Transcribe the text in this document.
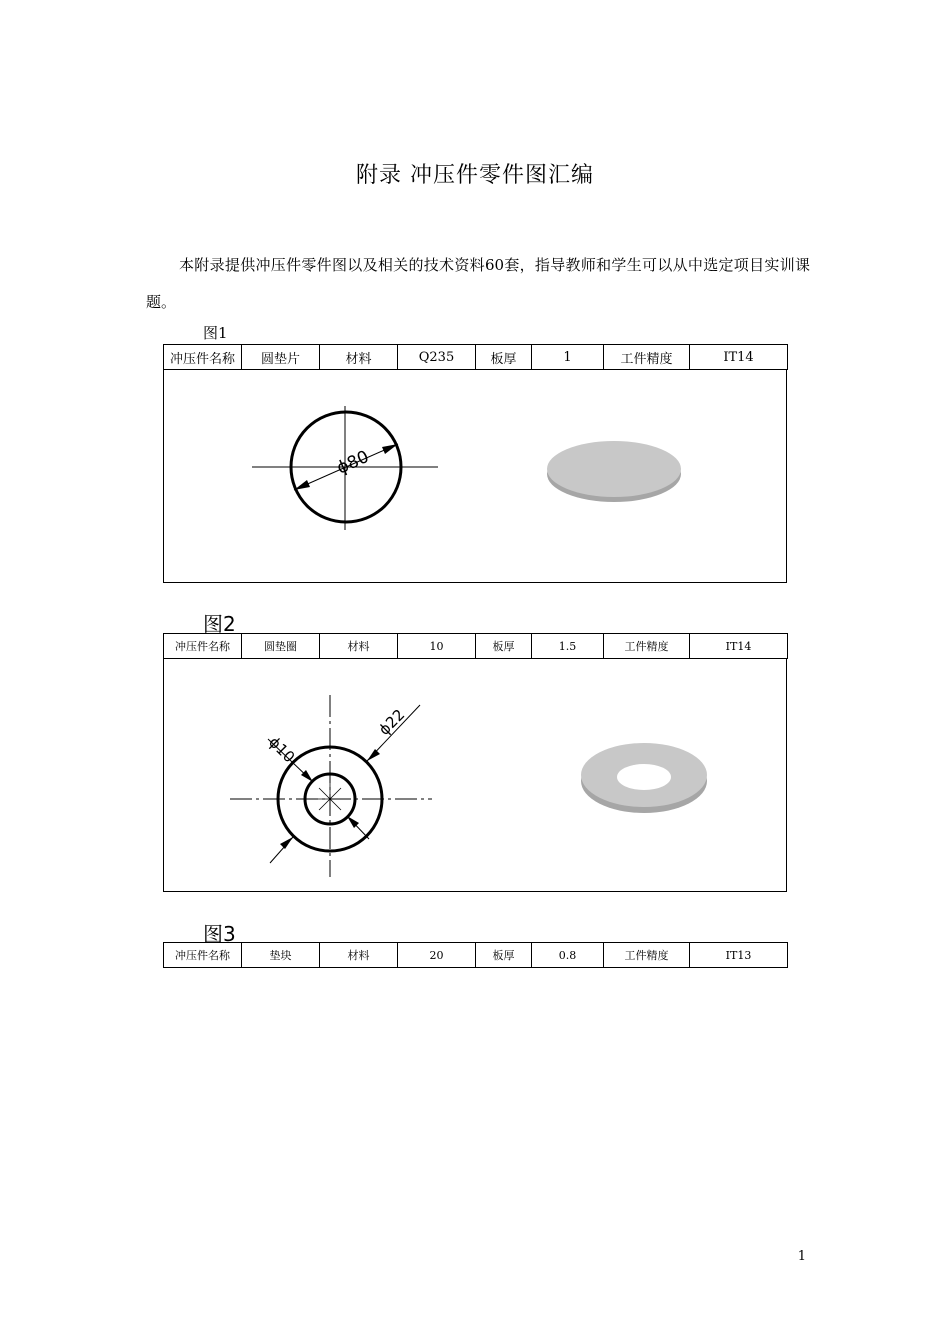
附录 冲压件零件图汇编
本附录提供冲压件零件图以及相关的技术资料60套，指导教师和学生可以从中选定项目实训课题。
图1
冲压件名称	圆垫片	材料	Q235	板厚	1	工件精度	IT14
ϕ80
图2
冲压件名称	圆垫圈	材料	10	板厚	1.5	工件精度	IT14
ϕ10
ϕ22
图3
冲压件名称	垫块	材料	20	板厚	0.8	工件精度	IT13
1
